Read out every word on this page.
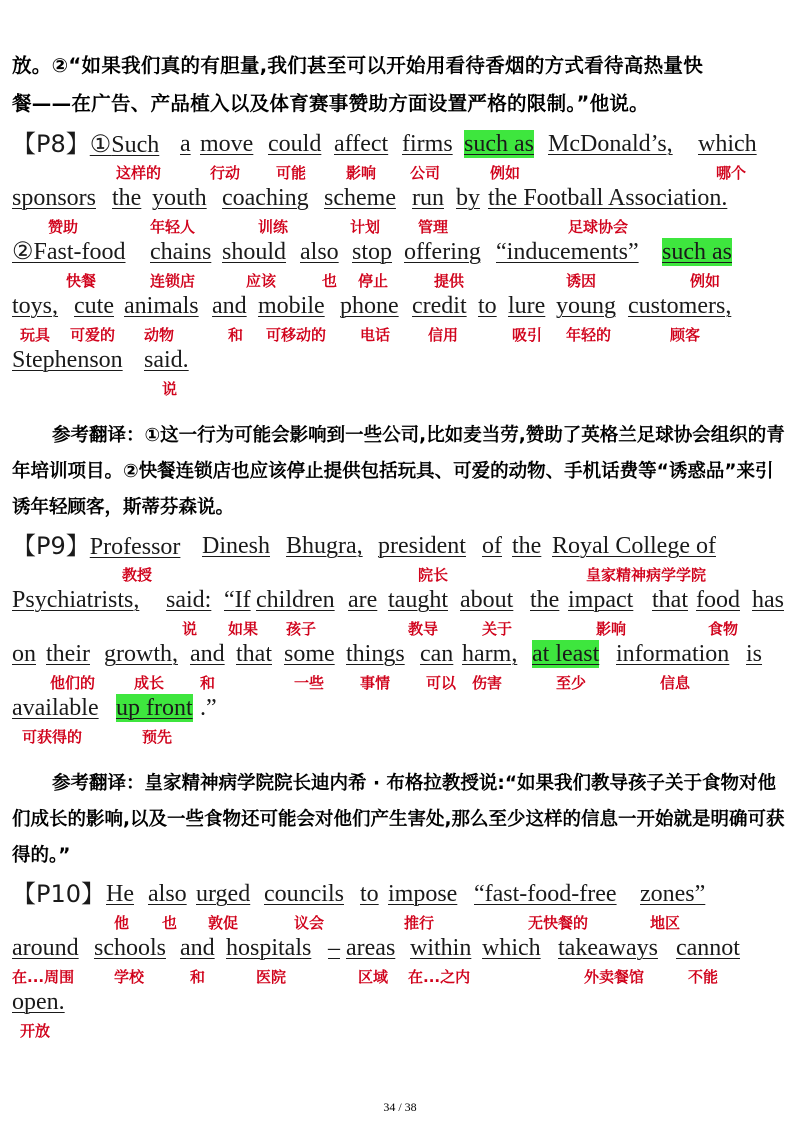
放。②“如果我们真的有胆量,我们甚至可以开始用看待香烟的方式看待高热量快
餐——在广告、产品植入以及体育赛事赞助方面设置严格的限制。”他说。
【P8】①Such a move could affect firms such as McDonald’s, which
这样的	行动 可能	影响 公司	例如	哪个
sponsors the youth coaching scheme run by the Football Association.
赞助	年轻人	训练	计划	管理	足球协会
②Fast-food chains should also stop offering “inducements” such as
快餐	连锁店	应该	也 停止	提供	诱因	例如
toys, cute animals and mobile phone credit to lure young customers,
玩具 可爱的 动物	和 可移动的 电话	信用	吸引 年轻的	顾客
Stephenson said.
说
参考翻译：①这一行为可能会影响到一些公司,比如麦当劳,赞助了英格兰足球协会组织的青年培训项目。②快餐连锁店也应该停止提供包括玩具、可爱的动物、手机话费等“诱惑品”来引诱年轻顾客，斯蒂芬森说。
【P9】Professor Dinesh Bhugra, president of the Royal College of
教授	院长	皇家精神病学学院
Psychiatrists, said: “If children are taught about the impact that food has
说 如果 孩子	教导	关于	影响	食物
on their growth, and that some things can harm, at least information is
他们的	成长 和	一些 事情 可以 伤害	至少	信息
available up front .”
可获得的	预先
参考翻译：皇家精神病学院院长迪内希 · 布格拉教授说:“如果我们教导孩子关于食物对他们成长的影响,以及一些食物还可能会对他们产生害处,那么至少这样的信息一开始就是明确可获得的。”
【P10】 He also urged councils to impose “fast-food-free zones”
他 也 敦促	议会	推行	无快餐的	地区
around schools and hospitals – areas within which takeaways cannot
在...周围	学校	和	医院	区域 在...之内	外卖餐馆	不能
open.
开放
34 / 38
